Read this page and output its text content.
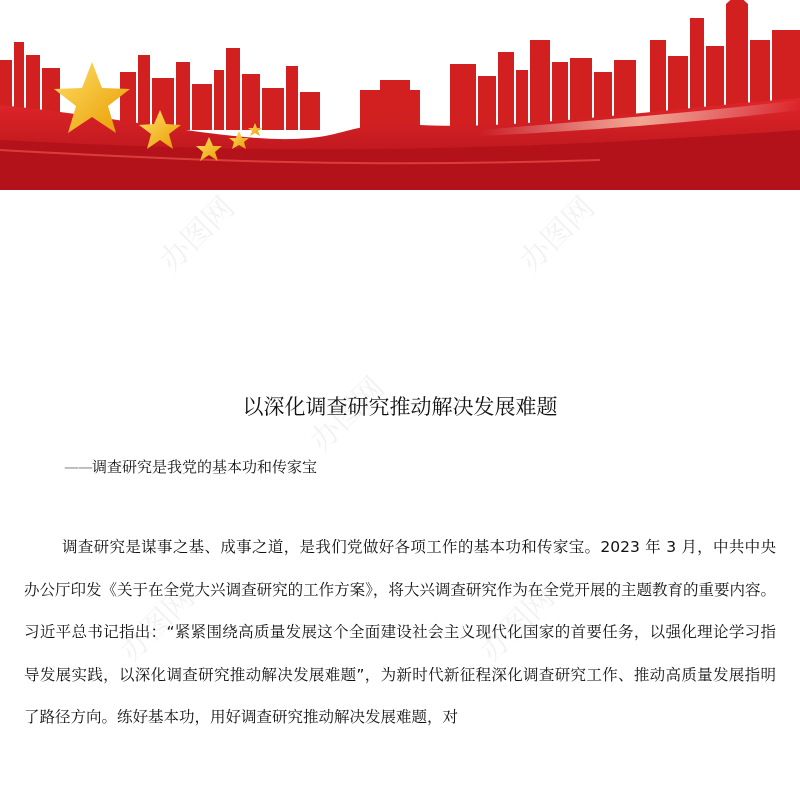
办图网	办图网
办图网
办图网
办图网
以深化调查研究推动解决发展难题

——调查研究是我党的基本功和传家宝

调查研究是谋事之基、成事之道，是我们党做好各项工作的基本功和传家宝。2023 年 3 月，中共中央办公厅印发《关于在全党大兴调查研究的工作方案》，将大兴调查研究作为在全党开展的主题教育的重要内容。习近平总书记指出：“紧紧围绕高质量发展这个全面建设社会主义现代化国家的首要任务，以强化理论学习指导发展实践，以深化调查研究推动解决发展难题”，为新时代新征程深化调查研究工作、推动高质量发展指明了路径方向。练好基本功，用好调查研究推动解决发展难题，对
